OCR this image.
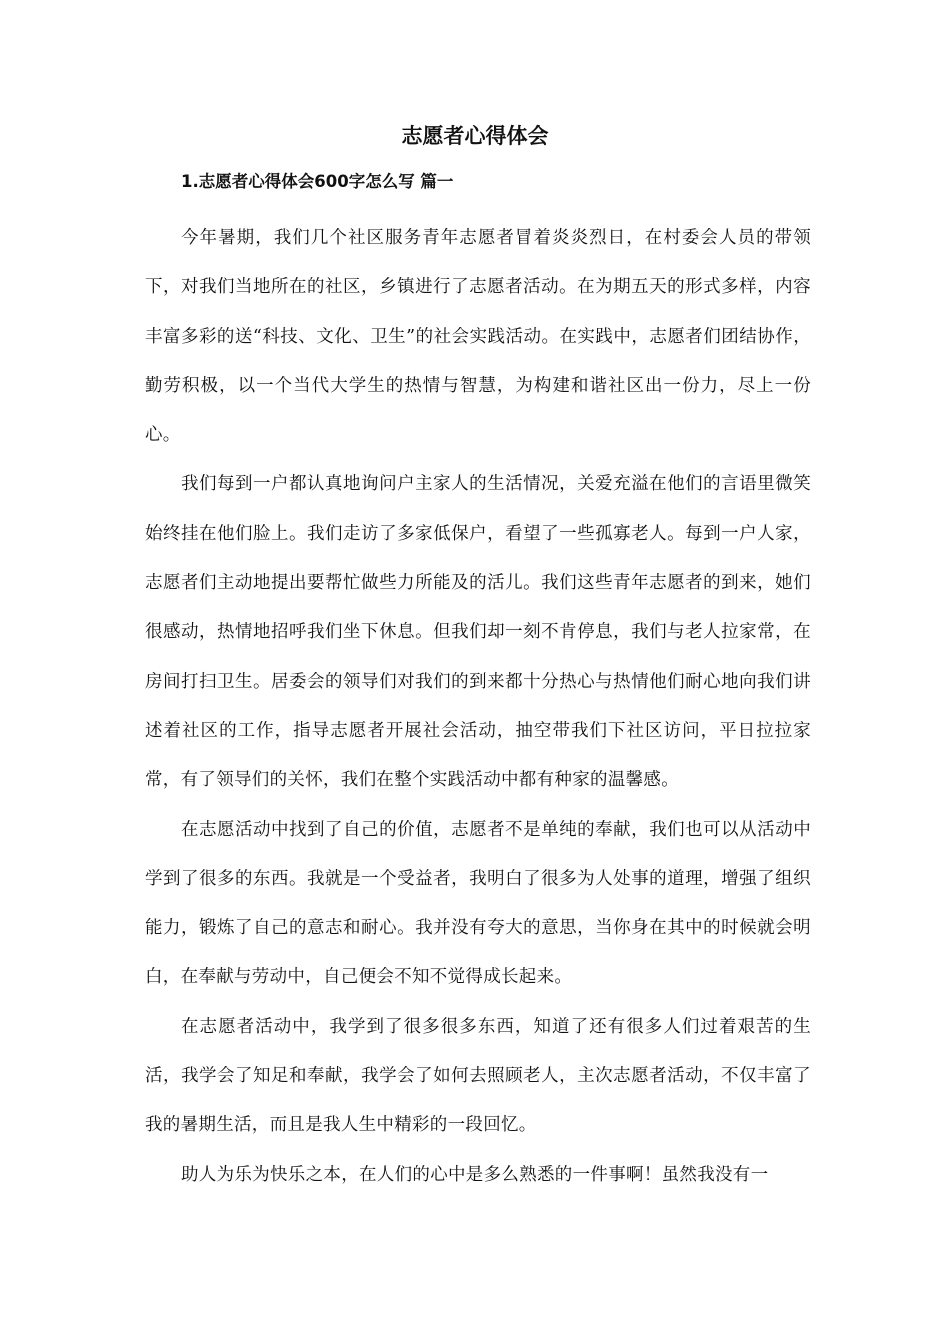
志愿者心得体会
1.志愿者心得体会600字怎么写 篇一

今年暑期，我们几个社区服务青年志愿者冒着炎炎烈日，在村委会人员的带领下，对我们当地所在的社区，乡镇进行了志愿者活动。在为期五天的形式多样，内容丰富多彩的送“科技、文化、卫生”的社会实践活动。在实践中，志愿者们团结协作，勤劳积极，以一个当代大学生的热情与智慧，为构建和谐社区出一份力，尽上一份心。

我们每到一户都认真地询问户主家人的生活情况，关爱充溢在他们的言语里微笑始终挂在他们脸上。我们走访了多家低保户，看望了一些孤寡老人。每到一户人家，志愿者们主动地提出要帮忙做些力所能及的活儿。我们这些青年志愿者的到来，她们很感动，热情地招呼我们坐下休息。但我们却一刻不肯停息，我们与老人拉家常，在房间打扫卫生。居委会的领导们对我们的到来都十分热心与热情他们耐心地向我们讲述着社区的工作，指导志愿者开展社会活动，抽空带我们下社区访问，平日拉拉家常，有了领导们的关怀，我们在整个实践活动中都有种家的温馨感。

在志愿活动中找到了自己的价值，志愿者不是单纯的奉献，我们也可以从活动中学到了很多的东西。我就是一个受益者，我明白了很多为人处事的道理，增强了组织能力，锻炼了自己的意志和耐心。我并没有夸大的意思，当你身在其中的时候就会明白，在奉献与劳动中，自己便会不知不觉得成长起来。

在志愿者活动中，我学到了很多很多东西，知道了还有很多人们过着艰苦的生活，我学会了知足和奉献，我学会了如何去照顾老人，主次志愿者活动，不仅丰富了我的暑期生活，而且是我人生中精彩的一段回忆。

助人为乐为快乐之本，在人们的心中是多么熟悉的一件事啊！虽然我没有一
